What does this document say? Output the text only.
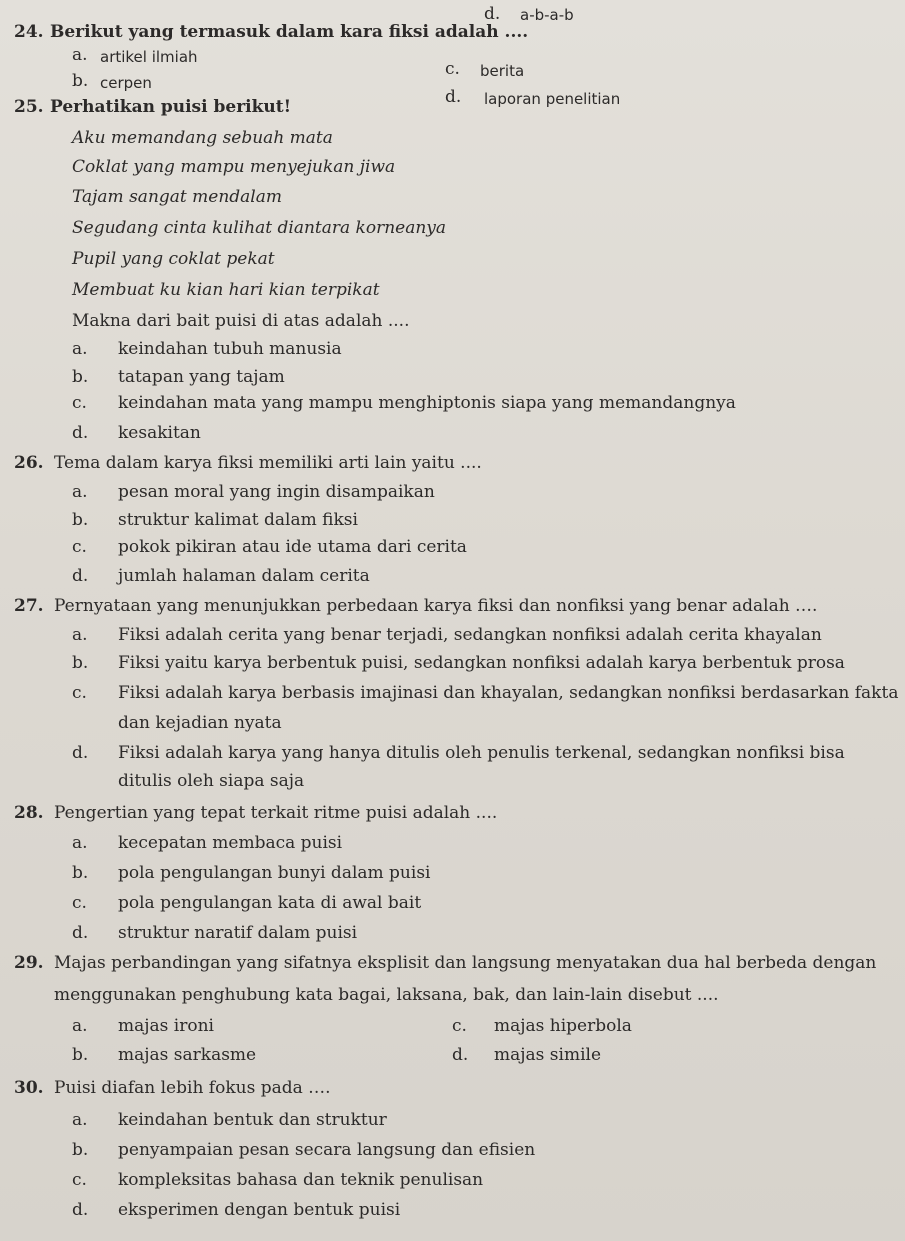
d. a-b-a-b
24. Berikut yang termasuk dalam kara fiksi adalah ....
a. artikel ilmiah
b. cerpen
c. berita
d. laporan penelitian
25. Perhatikan puisi berikut!
Aku memandang sebuah mata
Coklat yang mampu menyejukan jiwa
Tajam sangat mendalam
Segudang cinta kulihat diantara korneanya
Pupil yang coklat pekat
Membuat ku kian hari kian terpikat
Makna dari bait puisi di atas adalah ....
a. keindahan tubuh manusia
b. tatapan yang tajam
c. keindahan mata yang mampu menghiptonis siapa yang memandangnya
d. kesakitan
26. Tema dalam karya fiksi memiliki arti lain yaitu ....
a. pesan moral yang ingin disampaikan
b. struktur kalimat dalam fiksi
c. pokok pikiran atau ide utama dari cerita
d. jumlah halaman dalam cerita
27. Pernyataan yang menunjukkan perbedaan karya fiksi dan nonfiksi yang benar adalah ….
a. Fiksi adalah cerita yang benar terjadi, sedangkan nonfiksi adalah cerita khayalan
b. Fiksi yaitu karya berbentuk puisi, sedangkan nonfiksi adalah karya berbentuk prosa
c. Fiksi adalah karya berbasis imajinasi dan khayalan, sedangkan nonfiksi berdasarkan fakta
dan kejadian nyata
d. Fiksi adalah karya yang hanya ditulis oleh penulis terkenal, sedangkan nonfiksi bisa
ditulis oleh siapa saja
28. Pengertian yang tepat terkait ritme puisi adalah ....
a. kecepatan membaca puisi
b. pola pengulangan bunyi dalam puisi
c. pola pengulangan kata di awal bait
d. struktur naratif dalam puisi
29. Majas perbandingan yang sifatnya eksplisit dan langsung menyatakan dua hal berbeda dengan
menggunakan penghubung kata bagai, laksana, bak, dan lain-lain disebut ....
a. majas ironi
b. majas sarkasme
c. majas hiperbola
d. majas simile
30. Puisi diafan lebih fokus pada ….
a. keindahan bentuk dan struktur
b. penyampaian pesan secara langsung dan efisien
c. kompleksitas bahasa dan teknik penulisan
d. eksperimen dengan bentuk puisi
